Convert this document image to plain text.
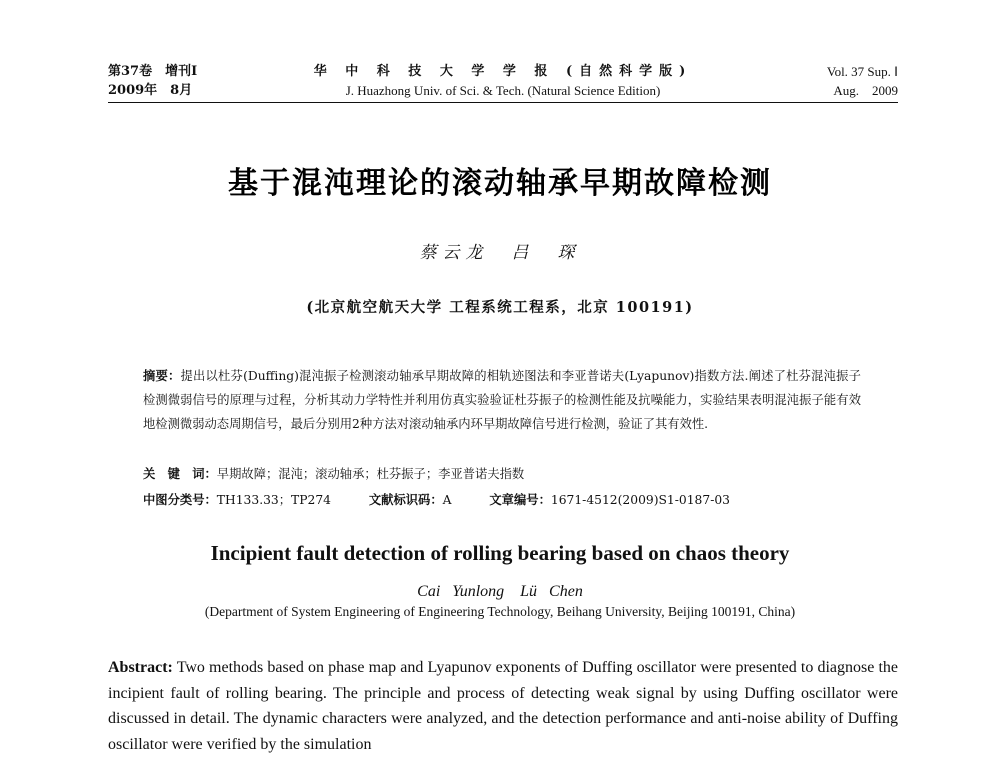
第37卷　增刊Ⅰ
2009年　8月
华 中 科 技 大 学 学 报 (自然科学版)
J. Huazhong Univ. of Sci. & Tech. (Natural Science Edition)
Vol. 37 Sup. Ⅰ
Aug.　2009
基于混沌理论的滚动轴承早期故障检测
蔡云龙　吕　琛
(北京航空航天大学 工程系统工程系，北京 100191)
摘要：提出以杜芬(Duffing)混沌振子检测滚动轴承早期故障的相轨迹图法和李亚普诺夫(Lyapunov)指数方法.阐述了杜芬混沌振子检测微弱信号的原理与过程，分析其动力学特性并利用仿真实验验证杜芬振子的检测性能及抗噪能力，实验结果表明混沌振子能有效地检测微弱动态周期信号，最后分别用2种方法对滚动轴承内环早期故障信号进行检测，验证了其有效性.
关　键　词：早期故障；混沌；滚动轴承；杜芬振子；李亚普诺夫指数
中图分类号：TH133.33；TP274	文献标识码：A	文章编号：1671-4512(2009)S1-0187-03
Incipient fault detection of rolling bearing based on chaos theory
Cai Yunlong　Lü Chen
(Department of System Engineering of Engineering Technology, Beihang University, Beijing 100191, China)
Abstract: Two methods based on phase map and Lyapunov exponents of Duffing oscillator were presented to diagnose the incipient fault of rolling bearing. The principle and process of detecting weak signal by using Duffing oscillator were discussed in detail. The dynamic characters were analyzed, and the detection performance and anti-noise ability of Duffing oscillator were verified by the simulation
